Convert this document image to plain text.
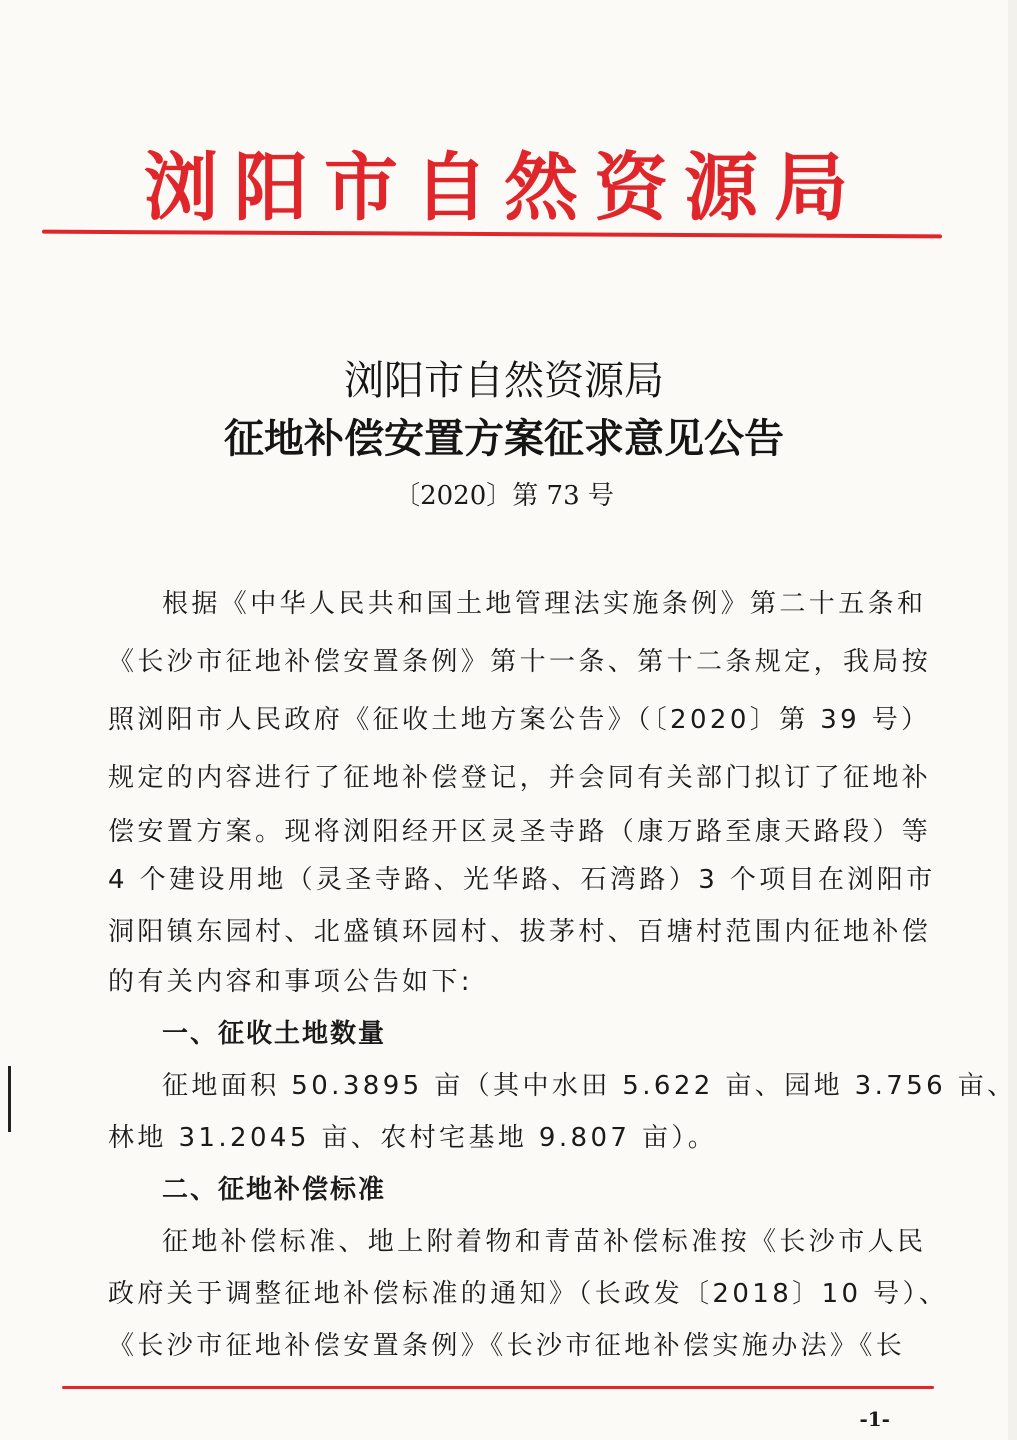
浏阳市自然资源局
浏阳市自然资源局
征地补偿安置方案征求意见公告
〔2020〕第 73 号
根据《中华人民共和国土地管理法实施条例》第二十五条和
《长沙市征地补偿安置条例》第十一条、第十二条规定，我局按
照浏阳市人民政府《征收土地方案公告》（〔2020〕第 39 号）
规定的内容进行了征地补偿登记，并会同有关部门拟订了征地补
偿安置方案。现将浏阳经开区灵圣寺路（康万路至康天路段）等
4 个建设用地（灵圣寺路、光华路、石湾路）3 个项目在浏阳市
洞阳镇东园村、北盛镇环园村、拔茅村、百塘村范围内征地补偿
的有关内容和事项公告如下:
一、征收土地数量
征地面积 50.3895 亩（其中水田 5.622 亩、园地 3.756 亩、
林地 31.2045 亩、农村宅基地 9.807 亩）。
二、征地补偿标准
征地补偿标准、地上附着物和青苗补偿标准按《长沙市人民
政府关于调整征地补偿标准的通知》（长政发〔2018〕10 号）、
《长沙市征地补偿安置条例》《长沙市征地补偿实施办法》《长
-1-
